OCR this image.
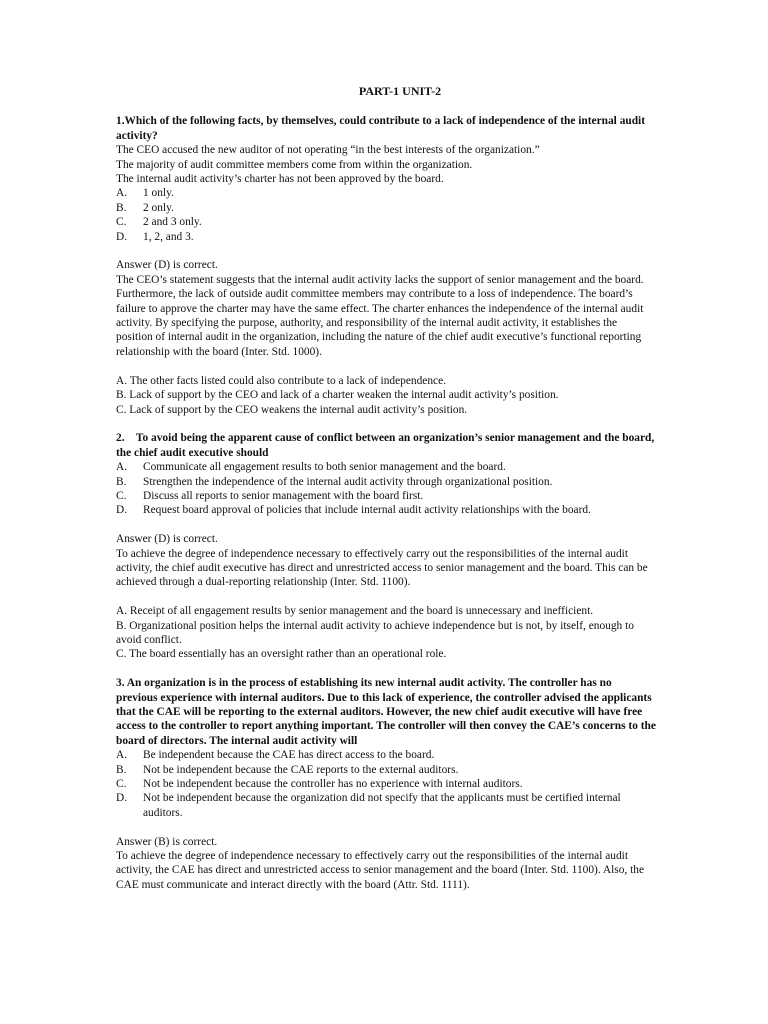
PART-1 UNIT-2

1.Which of the following facts, by themselves, could contribute to a lack of independence of the internal audit activity?

The CEO accused the new auditor of not operating “in the best interests of the organization.”

The majority of audit committee members come from within the organization.

The internal audit activity’s charter has not been approved by the board.

A.	1 only.
B.	2 only.
C.	2 and 3 only.
D.	1, 2, and 3.

Answer (D) is correct.

The CEO’s statement suggests that the internal audit activity lacks the support of senior management and the board. Furthermore, the lack of outside audit committee members may contribute to a loss of independence. The board’s failure to approve the charter may have the same effect. The charter enhances the independence of the internal audit activity. By specifying the purpose, authority, and responsibility of the internal audit activity, it establishes the position of internal audit in the organization, including the nature of the chief audit executive’s functional reporting relationship with the board (Inter. Std. 1000).

A. The other facts listed could also contribute to a lack of independence.

B. Lack of support by the CEO and lack of a charter weaken the internal audit activity’s position.

C. Lack of support by the CEO weakens the internal audit activity’s position.

2.    To avoid being the apparent cause of conflict between an organization’s senior management and the board, the chief audit executive should

A.	Communicate all engagement results to both senior management and the board.
B.	Strengthen the independence of the internal audit activity through organizational position.
C.	Discuss all reports to senior management with the board first.
D.	Request board approval of policies that include internal audit activity relationships with the board.

Answer (D) is correct.

To achieve the degree of independence necessary to effectively carry out the responsibilities of the internal audit activity, the chief audit executive has direct and unrestricted access to senior management and the board. This can be achieved through a dual-reporting relationship (Inter. Std. 1100).

A. Receipt of all engagement results by senior management and the board is unnecessary and inefficient.

B. Organizational position helps the internal audit activity to achieve independence but is not, by itself, enough to avoid conflict.

C. The board essentially has an oversight rather than an operational role.

3. An organization is in the process of establishing its new internal audit activity. The controller has no previous experience with internal auditors. Due to this lack of experience, the controller advised the applicants that the CAE will be reporting to the external auditors. However, the new chief audit executive will have free access to the controller to report anything important. The controller will then convey the CAE’s concerns to the board of directors. The internal audit activity will

A.	Be independent because the CAE has direct access to the board.
B.	Not be independent because the CAE reports to the external auditors.
C.	Not be independent because the controller has no experience with internal auditors.
D.	Not be independent because the organization did not specify that the applicants must be certified internal auditors.

Answer (B) is correct.

To achieve the degree of independence necessary to effectively carry out the responsibilities of the internal audit activity, the CAE has direct and unrestricted access to senior management and the board (Inter. Std. 1100). Also, the CAE must communicate and interact directly with the board (Attr. Std. 1111).
